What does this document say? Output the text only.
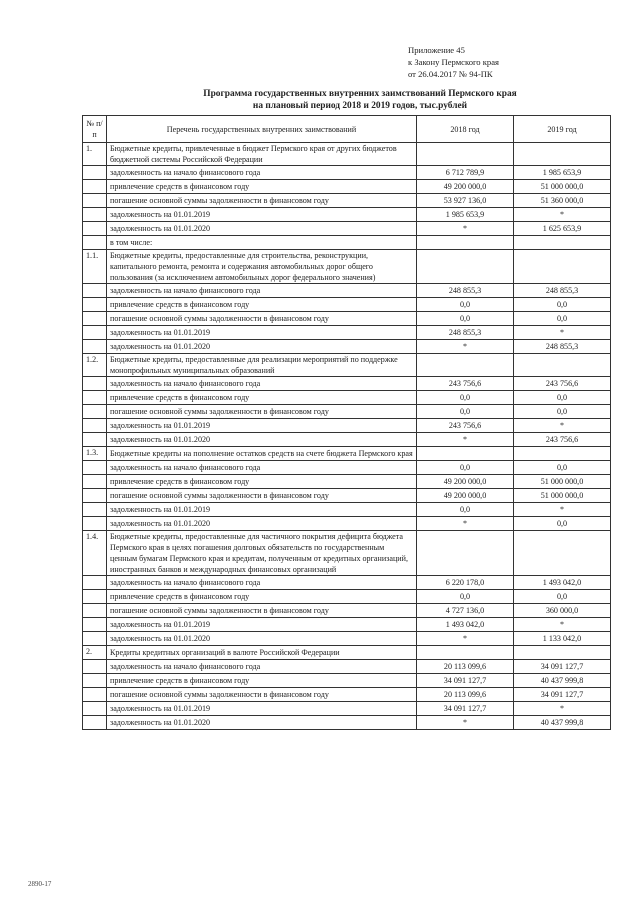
Приложение 45
к Закону Пермского края
от 26.04.2017 № 94-ПК
Программа государственных внутренних заимствований Пермского края
на плановый период 2018 и 2019 годов, тыс.рублей
№ п/п	Перечень государственных внутренних заимствований	2018 год	2019 год
1.	Бюджетные кредиты, привлеченные в бюджет Пермского края от других бюджетов бюджетной системы Российской Федерации		
	задолженность на начало финансового года	6 712 789,9	1 985 653,9
	привлечение средств в финансовом году	49 200 000,0	51 000 000,0
	погашение основной суммы задолженности в финансовом году	53 927 136,0	51 360 000,0
	задолженность на 01.01.2019	1 985 653,9	*
	задолженность на 01.01.2020	*	1 625 653,9
	в том числе:		
1.1.	Бюджетные кредиты, предоставленные для строительства, реконструкции, капитального ремонта, ремонта и содержания автомобильных дорог общего пользования (за исключением автомобильных дорог федерального значения)		
	задолженность на начало финансового года	248 855,3	248 855,3
	привлечение средств в финансовом году	0,0	0,0
	погашение основной суммы задолженности в финансовом году	0,0	0,0
	задолженность на 01.01.2019	248 855,3	*
	задолженность на 01.01.2020	*	248 855,3
1.2.	Бюджетные кредиты, предоставленные для реализации мероприятий по поддержке монопрофильных муниципальных образований		
	задолженность на начало финансового года	243 756,6	243 756,6
	привлечение средств в финансовом году	0,0	0,0
	погашение основной суммы задолженности в финансовом году	0,0	0,0
	задолженность на 01.01.2019	243 756,6	*
	задолженность на 01.01.2020	*	243 756,6
1.3.	Бюджетные кредиты на пополнение остатков средств на счете бюджета Пермского края		
	задолженность на начало финансового года	0,0	0,0
	привлечение средств в финансовом году	49 200 000,0	51 000 000,0
	погашение основной суммы задолженности в финансовом году	49 200 000,0	51 000 000,0
	задолженность на 01.01.2019	0,0	*
	задолженность на 01.01.2020	*	0,0
1.4.	Бюджетные кредиты, предоставленные для частичного покрытия дефицита бюджета Пермского края в целях погашения долговых обязательств по государственным ценным бумагам Пермского края и кредитам, полученным от кредитных организаций, иностранных банков и международных финансовых организаций		
	задолженность на начало финансового года	6 220 178,0	1 493 042,0
	привлечение средств в финансовом году	0,0	0,0
	погашение основной суммы задолженности в финансовом году	4 727 136,0	360 000,0
	задолженность на 01.01.2019	1 493 042,0	*
	задолженность на 01.01.2020	*	1 133 042,0
2.	Кредиты кредитных организаций в валюте Российской Федерации		
	задолженность на начало финансового года	20 113 099,6	34 091 127,7
	привлечение средств в финансовом году	34 091 127,7	40 437 999,8
	погашение основной суммы задолженности в финансовом году	20 113 099,6	34 091 127,7
	задолженность на 01.01.2019	34 091 127,7	*
	задолженность на 01.01.2020	*	40 437 999,8
2890-17
